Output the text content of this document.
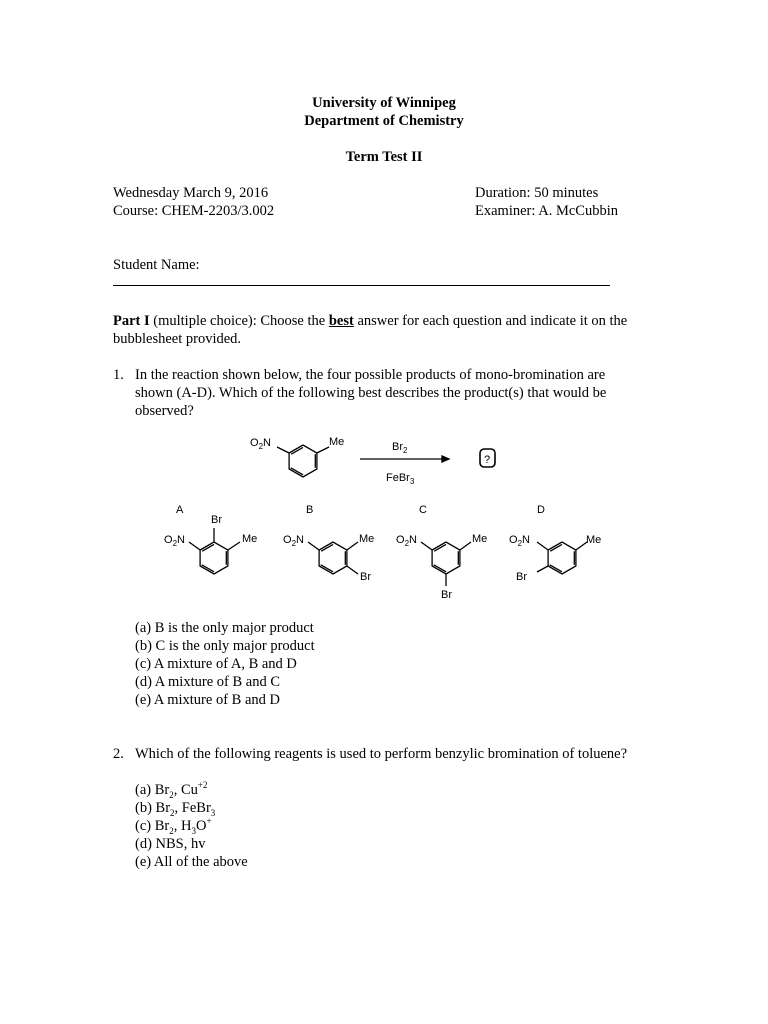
University of Winnipeg
Department of Chemistry
Term Test II
Wednesday March 9, 2016
Course: CHEM-2203/3.002
Duration: 50 minutes
Examiner: A. McCubbin
Student Name:
Part I (multiple choice): Choose the best answer for each question and indicate it on the
bubblesheet provided.
1. In the reaction shown below, the four possible products of mono-bromination are
shown (A-D). Which of the following best describes the product(s) that would be
observed?
$O_2N$	Me	$Br_2$
FeBr$_3$
?
A	B	C	D
Br
$O_2N$	Me $O_2N$	Me
Br
$O_2N$	Me
Br
$O_2N$	Me
Br
(a) B is the only major product
(b) C is the only major product
(c) A mixture of A, B and D
(d) A mixture of B and C
(e) A mixture of B and D
2. Which of the following reagents is used to perform benzylic bromination of toluene?
(a) $Br_2$, $Cu^{+2}$
(b) $Br_2$, FeBr$_3$
(c) $Br_2$, $H_3O^+$
(d) NBS, hv
(e) All of the above
